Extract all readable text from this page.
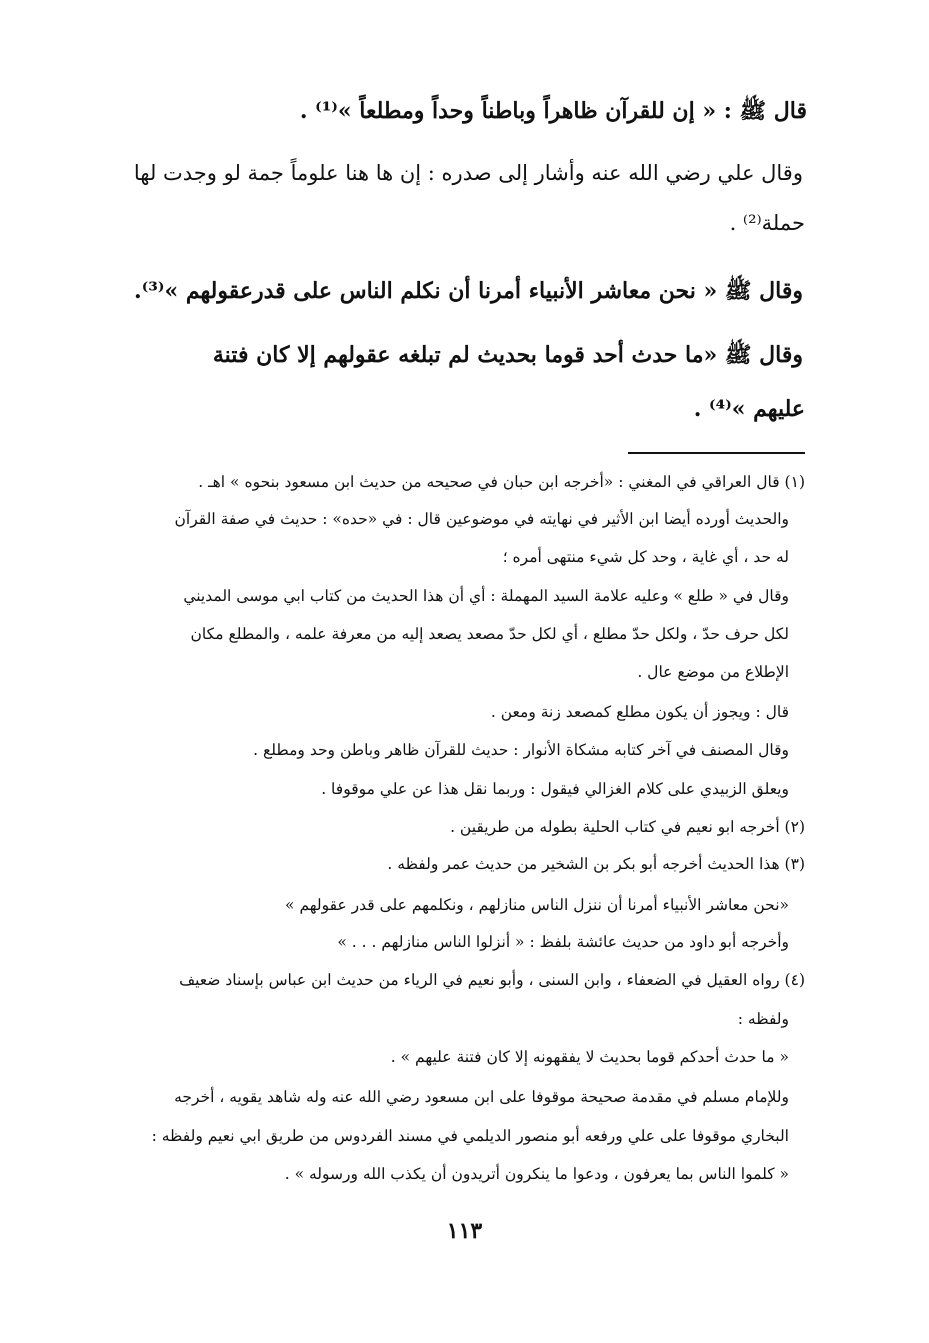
قال ﷺ : « إن للقرآن ظاهراً وباطناً وحداً ومطلعاً »⁽¹⁾ .
وقال علي رضي الله عنه وأشار إلى صدره : إن ها هنا علوماً جمة لو وجدت لها
حملة⁽²⁾ .
وقال ﷺ « نحن معاشر الأنبياء أمرنا أن نكلم الناس على قدرعقولهم »⁽³⁾.
وقال ﷺ «ما حدث أحد قوما بحديث لم تبلغه عقولهم إلا كان فتنة
عليهم »⁽⁴⁾ .
(١) قال العراقي في المغني : «أخرجه ابن حبان في صحيحه من حديث ابن مسعود بنحوه » اهـ .
والحديث أورده أيضا ابن الأثير في نهايته في موضوعين قال : في «حده» : حديث في صفة القرآن
له حد ، أي غاية ، وحد كل شيء منتهى أمره ؛
وقال في « طلع » وعليه علامة السيد المهملة : أي أن هذا الحديث من كتاب ابي موسى المديني
لكل حرف حدّ ، ولكل حدّ مطلع ، أي لكل حدّ مصعد يصعد إليه من معرفة علمه ، والمطلع مكان
الإطلاع من موضع عال .
قال : ويجوز أن يكون مطلع كمصعد زنة ومعن .
وقال المصنف في آخر كتابه مشكاة الأنوار : حديث للقرآن ظاهر وباطن وحد ومطلع .
ويعلق الزبيدي على كلام الغزالي فيقول : وربما نقل هذا عن علي موقوفا .
(٢) أخرجه ابو نعيم في كتاب الحلية بطوله من طريقين .
(٣) هذا الحديث أخرجه أبو بكر بن الشخير من حديث عمر ولفظه .
«نحن معاشر الأنبياء أمرنا أن ننزل الناس منازلهم ، ونكلمهم على قدر عقولهم »
وأخرجه أبو داود من حديث عائشة بلفظ : « أنزلوا الناس منازلهم . . . »
(٤) رواه العقيل في الضعفاء ، وابن السنى ، وأبو نعيم في الرياء من حديث ابن عباس بإسناد ضعيف
ولفظه :
« ما حدث أحدكم قوما بحديث لا يفقهونه إلا كان فتنة عليهم » .
وللإمام مسلم في مقدمة صحيحة موقوفا على ابن مسعود رضي الله عنه وله شاهد يقويه ، أخرجه
البخاري موقوفا على علي ورفعه أبو منصور الديلمي في مسند الفردوس من طريق ابي نعيم ولفظه :
« كلموا الناس بما يعرفون ، ودعوا ما ينكرون أتريدون أن يكذب الله ورسوله » .
١١٣
